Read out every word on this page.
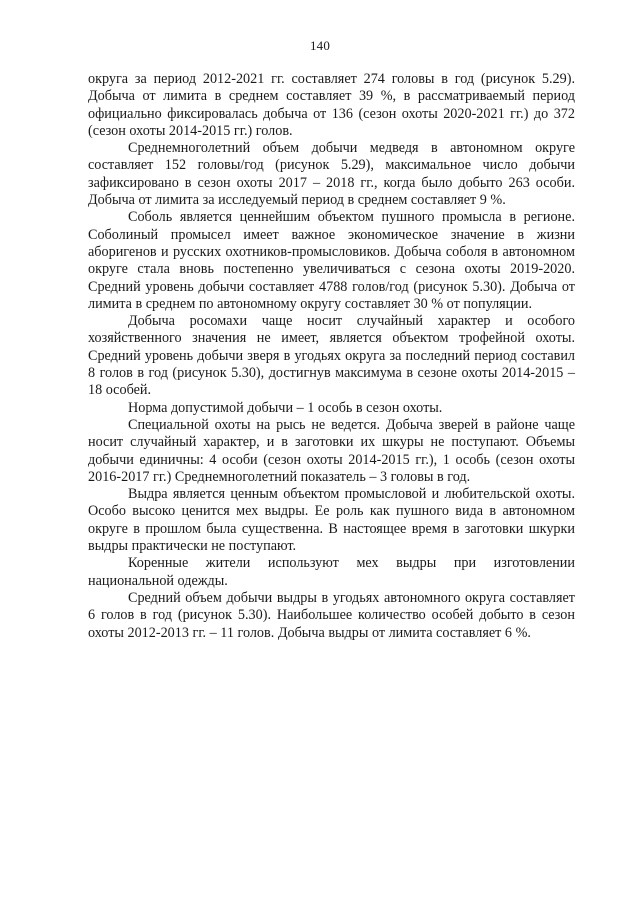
140

округа за период 2012-2021 гг. составляет 274 головы в год (рисунок 5.29). Добыча от лимита в среднем составляет 39 %, в рассматриваемый период официально фиксировалась добыча от 136 (сезон охоты 2020-2021 гг.) до 372 (сезон охоты 2014-2015 гг.) голов.

Среднемноголетний объем добычи медведя в автономном округе составляет 152 головы/год (рисунок 5.29), максимальное число добычи зафиксировано в сезон охоты 2017 – 2018 гг., когда было добыто 263 особи. Добыча от лимита за исследуемый период в среднем составляет 9 %.

Соболь является ценнейшим объектом пушного промысла в регионе. Соболиный промысел имеет важное экономическое значение в жизни аборигенов и русских охотников-промысловиков. Добыча соболя в автономном округе стала вновь постепенно увеличиваться с сезона охоты 2019-2020. Средний уровень добычи составляет 4788 голов/год (рисунок 5.30). Добыча от лимита в среднем по автономному округу составляет 30 % от популяции.

Добыча росомахи чаще носит случайный характер и особого хозяйственного значения не имеет, является объектом трофейной охоты. Средний уровень добычи зверя в угодьях округа за последний период составил 8 голов в год (рисунок 5.30), достигнув максимума в сезоне охоты 2014-2015 – 18 особей.

Норма допустимой добычи – 1 особь в сезон охоты.

Специальной охоты на рысь не ведется. Добыча зверей в районе чаще носит случайный характер, и в заготовки их шкуры не поступают. Объемы добычи единичны: 4 особи (сезон охоты 2014-2015 гг.), 1 особь (сезон охоты 2016-2017 гг.) Среднемноголетний показатель – 3 головы в год.

Выдра является ценным объектом промысловой и любительской охоты. Особо высоко ценится мех выдры. Ее роль как пушного вида в автономном округе в прошлом была существенна. В настоящее время в заготовки шкурки выдры практически не поступают.

Коренные жители используют мех выдры при изготовлении национальной одежды.

Средний объем добычи выдры в угодьях автономного округа составляет 6 голов в год (рисунок 5.30). Наибольшее количество особей добыто в сезон охоты 2012-2013 гг. – 11 голов. Добыча выдры от лимита составляет 6 %.
